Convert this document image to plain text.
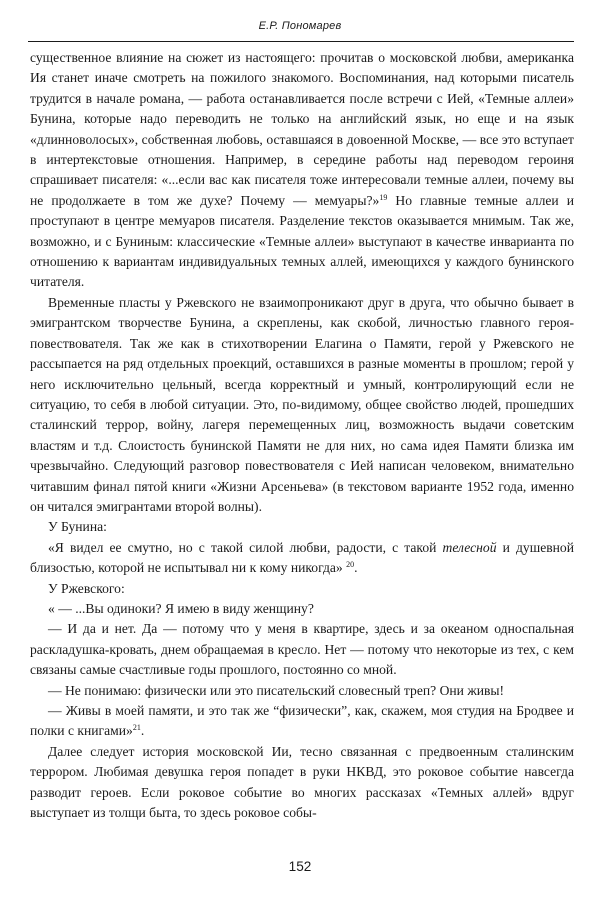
Е.Р. Пономарев

существенное влияние на сюжет из настоящего: прочитав о московской любви, американка Ия станет иначе смотреть на пожилого знакомого. Воспоминания, над которыми писатель трудится в начале романа, — работа останавливается после встречи с Ией, «Темные аллеи» Бунина, которые надо переводить не только на английский язык, но еще и на язык «длинноволосых», собственная любовь, оставшаяся в довоенной Москве, — все это вступает в интертекстовые отношения. Например, в середине работы над переводом героиня спрашивает писателя: «...если вас как писателя тоже интересовали темные аллеи, почему вы не продолжаете в том же духе? Почему — мемуары?»$^{19}$ Но главные темные аллеи и проступают в центре мемуаров писателя. Разделение текстов оказывается мнимым. Так же, возможно, и с Буниным: классические «Темные аллеи» выступают в качестве инварианта по отношению к вариантам индивидуальных темных аллей, имеющихся у каждого бунинского читателя.

Временные пласты у Ржевского не взаимопроникают друг в друга, что обычно бывает в эмигрантском творчестве Бунина, а скреплены, как скобой, личностью главного героя-повествователя. Так же как в стихотворении Елагина о Памяти, герой у Ржевского не рассыпается на ряд отдельных проекций, оставшихся в разные моменты в прошлом; герой у него исключительно цельный, всегда корректный и умный, контролирующий если не ситуацию, то себя в любой ситуации. Это, по-видимому, общее свойство людей, прошедших сталинский террор, войну, лагеря перемещенных лиц, возможность выдачи советским властям и т.д. Слоистость бунинской Памяти не для них, но сама идея Памяти близка им чрезвычайно. Следующий разговор повествователя с Ией написан человеком, внимательно читавшим финал пятой книги «Жизни Арсеньева» (в текстовом варианте 1952 года, именно он читался эмигрантами второй волны).

У Бунина:

«Я видел ее смутно, но с такой силой любви, радости, с такой телесной и душевной близостью, которой не испытывал ни к кому никогда» $^{20}$.

У Ржевского:

« — ...Вы одиноки? Я имею в виду женщину?

— И да и нет. Да — потому что у меня в квартире, здесь и за океаном односпальная раскладушка-кровать, днем обращаемая в кресло. Нет — потому что некоторые из тех, с кем связаны самые счастливые годы прошлого, постоянно со мной.

— Не понимаю: физически или это писательский словесный треп? Они живы!

— Живы в моей памяти, и это так же “физически”, как, скажем, моя студия на Бродвее и полки с книгами»$^{21}$.

Далее следует история московской Ии, тесно связанная с предвоенным сталинским террором. Любимая девушка героя попадет в руки НКВД, это роковое событие навсегда разводит героев. Если роковое событие во многих рассказах «Темных аллей» вдруг выступает из толщи быта, то здесь роковое собы-

152
